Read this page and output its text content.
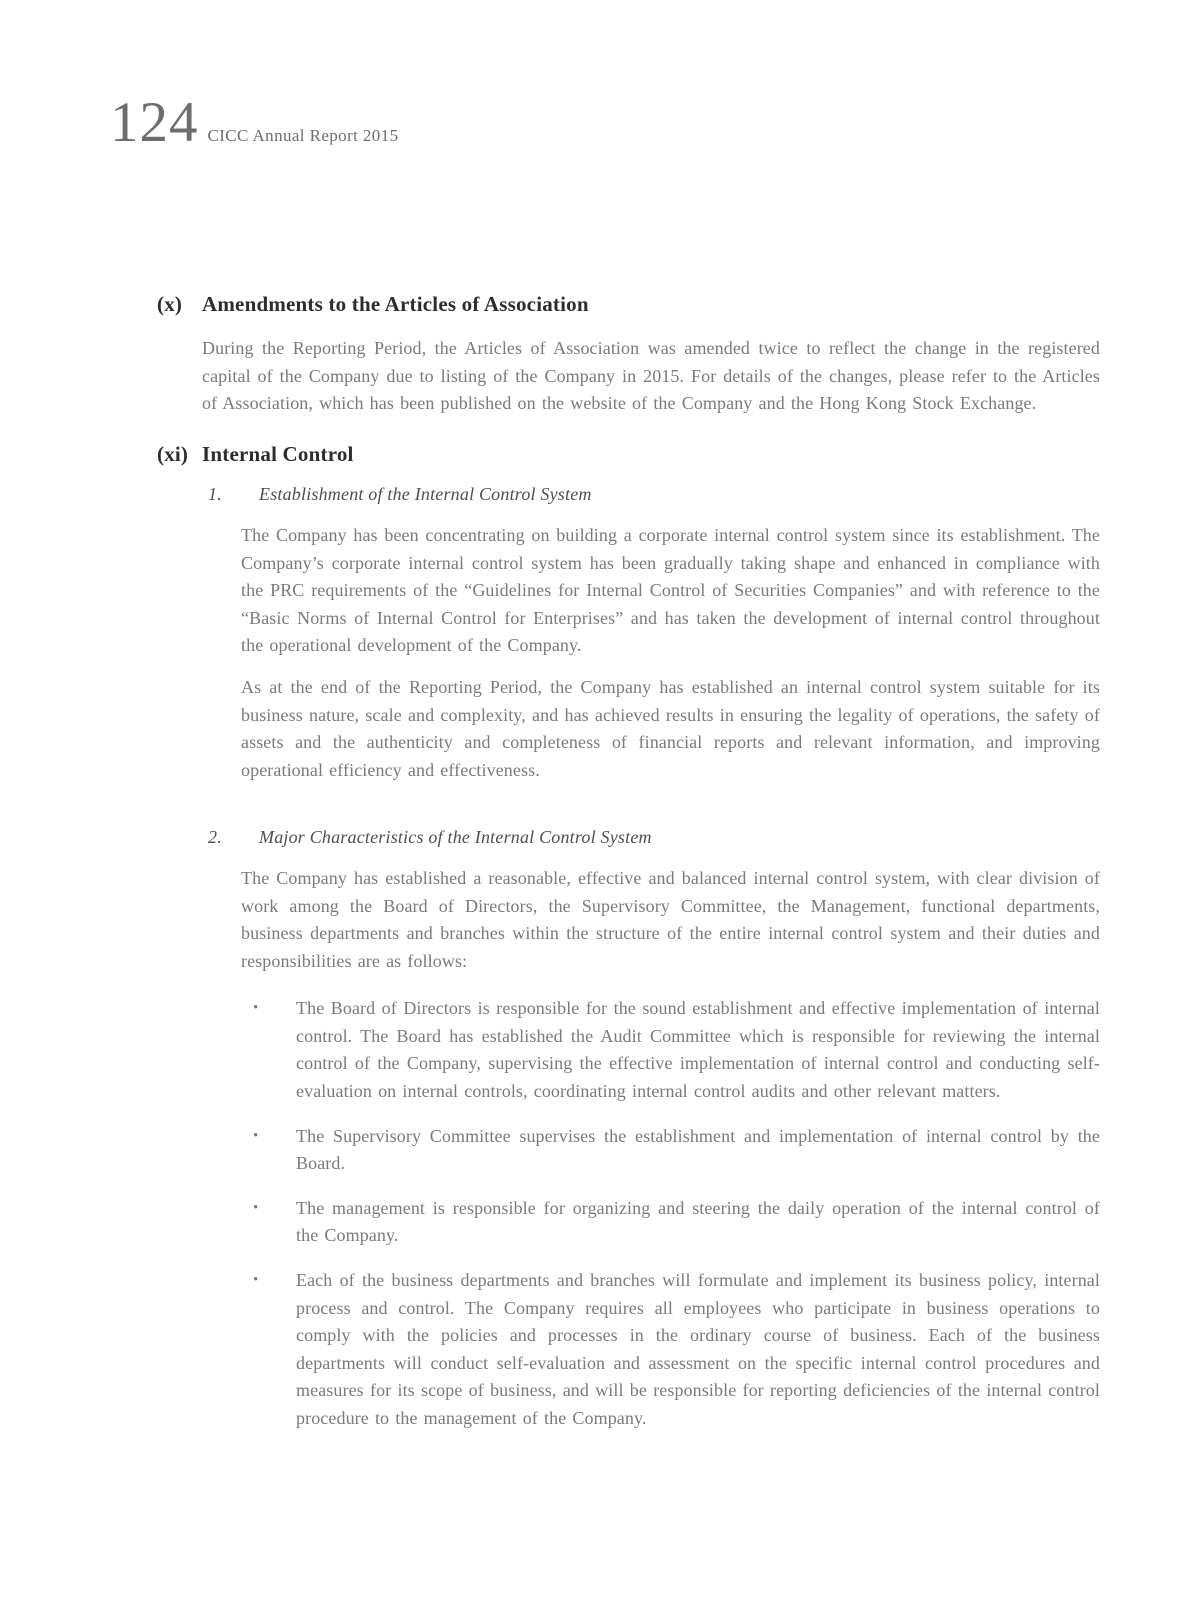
124 CICC Annual Report 2015
(x) Amendments to the Articles of Association

During the Reporting Period, the Articles of Association was amended twice to reflect the change in the registered capital of the Company due to listing of the Company in 2015. For details of the changes, please refer to the Articles of Association, which has been published on the website of the Company and the Hong Kong Stock Exchange.

(xi) Internal Control
1.	Establishment of the Internal Control System

The Company has been concentrating on building a corporate internal control system since its establishment. The Company’s corporate internal control system has been gradually taking shape and enhanced in compliance with the PRC requirements of the “Guidelines for Internal Control of Securities Companies” and with reference to the “Basic Norms of Internal Control for Enterprises” and has taken the development of internal control throughout the operational development of the Company.

As at the end of the Reporting Period, the Company has established an internal control system suitable for its business nature, scale and complexity, and has achieved results in ensuring the legality of operations, the safety of assets and the authenticity and completeness of financial reports and relevant information, and improving operational efficiency and effectiveness.

2.	Major Characteristics of the Internal Control System

The Company has established a reasonable, effective and balanced internal control system, with clear division of work among the Board of Directors, the Supervisory Committee, the Management, functional departments, business departments and branches within the structure of the entire internal control system and their duties and responsibilities are as follows:

•	The Board of Directors is responsible for the sound establishment and effective implementation of internal control. The Board has established the Audit Committee which is responsible for reviewing the internal control of the Company, supervising the effective implementation of internal control and conducting self-evaluation on internal controls, coordinating internal control audits and other relevant matters.

•	The Supervisory Committee supervises the establishment and implementation of internal control by the Board.

•	The management is responsible for organizing and steering the daily operation of the internal control of the Company.

•	Each of the business departments and branches will formulate and implement its business policy, internal process and control. The Company requires all employees who participate in business operations to comply with the policies and processes in the ordinary course of business. Each of the business departments will conduct self-evaluation and assessment on the specific internal control procedures and measures for its scope of business, and will be responsible for reporting deficiencies of the internal control procedure to the management of the Company.
